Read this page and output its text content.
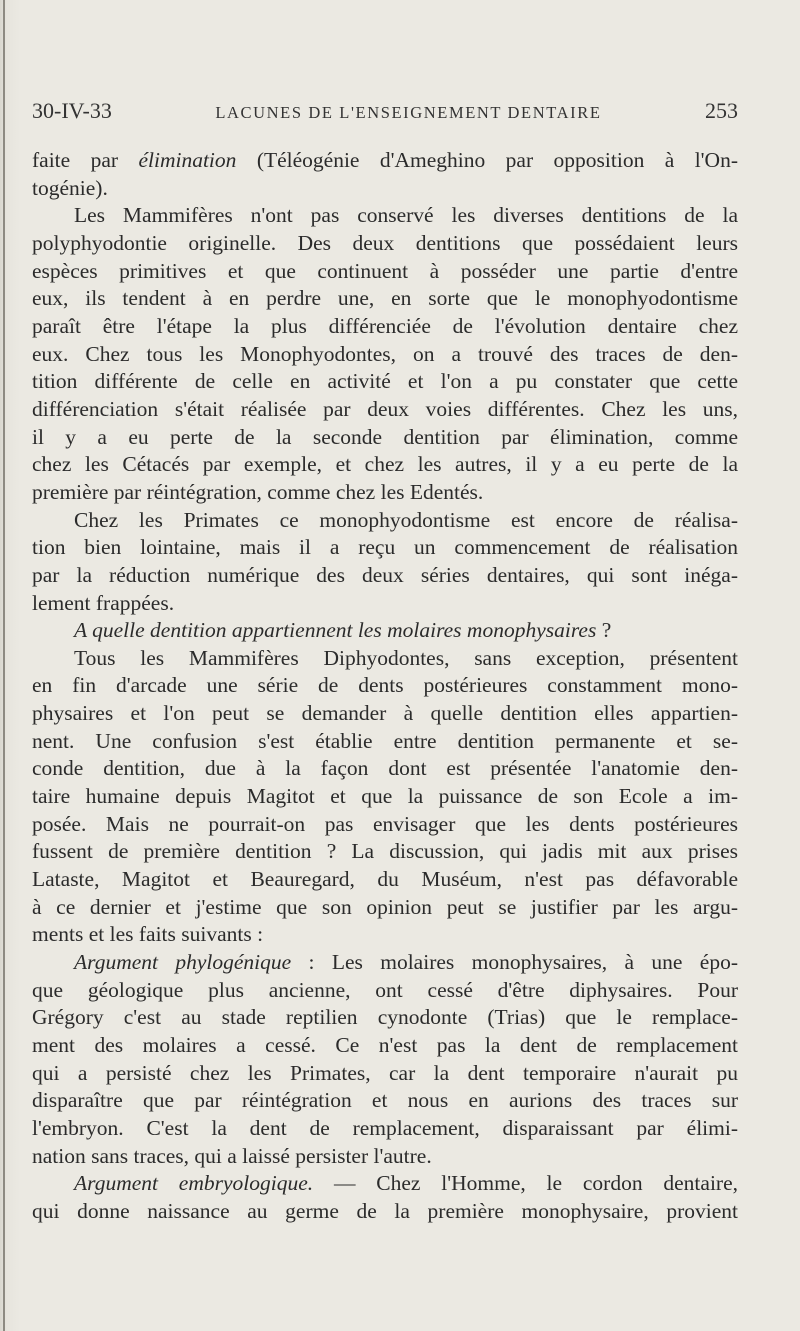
30-IV-33	LACUNES DE L'ENSEIGNEMENT DENTAIRE	253
faite par élimination (Téléogénie d'Ameghino par opposition à l'On-
togénie).
Les Mammifères n'ont pas conservé les diverses dentitions de la
polyphyodontie originelle. Des deux dentitions que possédaient leurs
espèces primitives et que continuent à posséder une partie d'entre
eux, ils tendent à en perdre une, en sorte que le monophyodontisme
paraît être l'étape la plus différenciée de l'évolution dentaire chez
eux. Chez tous les Monophyodontes, on a trouvé des traces de den-
tition différente de celle en activité et l'on a pu constater que cette
différenciation s'était réalisée par deux voies différentes. Chez les uns,
il y a eu perte de la seconde dentition par élimination, comme
chez les Cétacés par exemple, et chez les autres, il y a eu perte de la
première par réintégration, comme chez les Edentés.
Chez les Primates ce monophyodontisme est encore de réalisa-
tion bien lointaine, mais il a reçu un commencement de réalisation
par la réduction numérique des deux séries dentaires, qui sont inéga-
lement frappées.
A quelle dentition appartiennent les molaires monophysaires ?
Tous les Mammifères Diphyodontes, sans exception, présentent
en fin d'arcade une série de dents postérieures constamment mono-
physaires et l'on peut se demander à quelle dentition elles appartien-
nent. Une confusion s'est établie entre dentition permanente et se-
conde dentition, due à la façon dont est présentée l'anatomie den-
taire humaine depuis Magitot et que la puissance de son Ecole a im-
posée. Mais ne pourrait-on pas envisager que les dents postérieures
fussent de première dentition ? La discussion, qui jadis mit aux prises
Lataste, Magitot et Beauregard, du Muséum, n'est pas défavorable
à ce dernier et j'estime que son opinion peut se justifier par les argu-
ments et les faits suivants :
Argument phylogénique : Les molaires monophysaires, à une épo-
que géologique plus ancienne, ont cessé d'être diphysaires. Pour
Grégory c'est au stade reptilien cynodonte (Trias) que le remplace-
ment des molaires a cessé. Ce n'est pas la dent de remplacement
qui a persisté chez les Primates, car la dent temporaire n'aurait pu
disparaître que par réintégration et nous en aurions des traces sur
l'embryon. C'est la dent de remplacement, disparaissant par élimi-
nation sans traces, qui a laissé persister l'autre.
Argument embryologique. — Chez l'Homme, le cordon dentaire,
qui donne naissance au germe de la première monophysaire, provient
